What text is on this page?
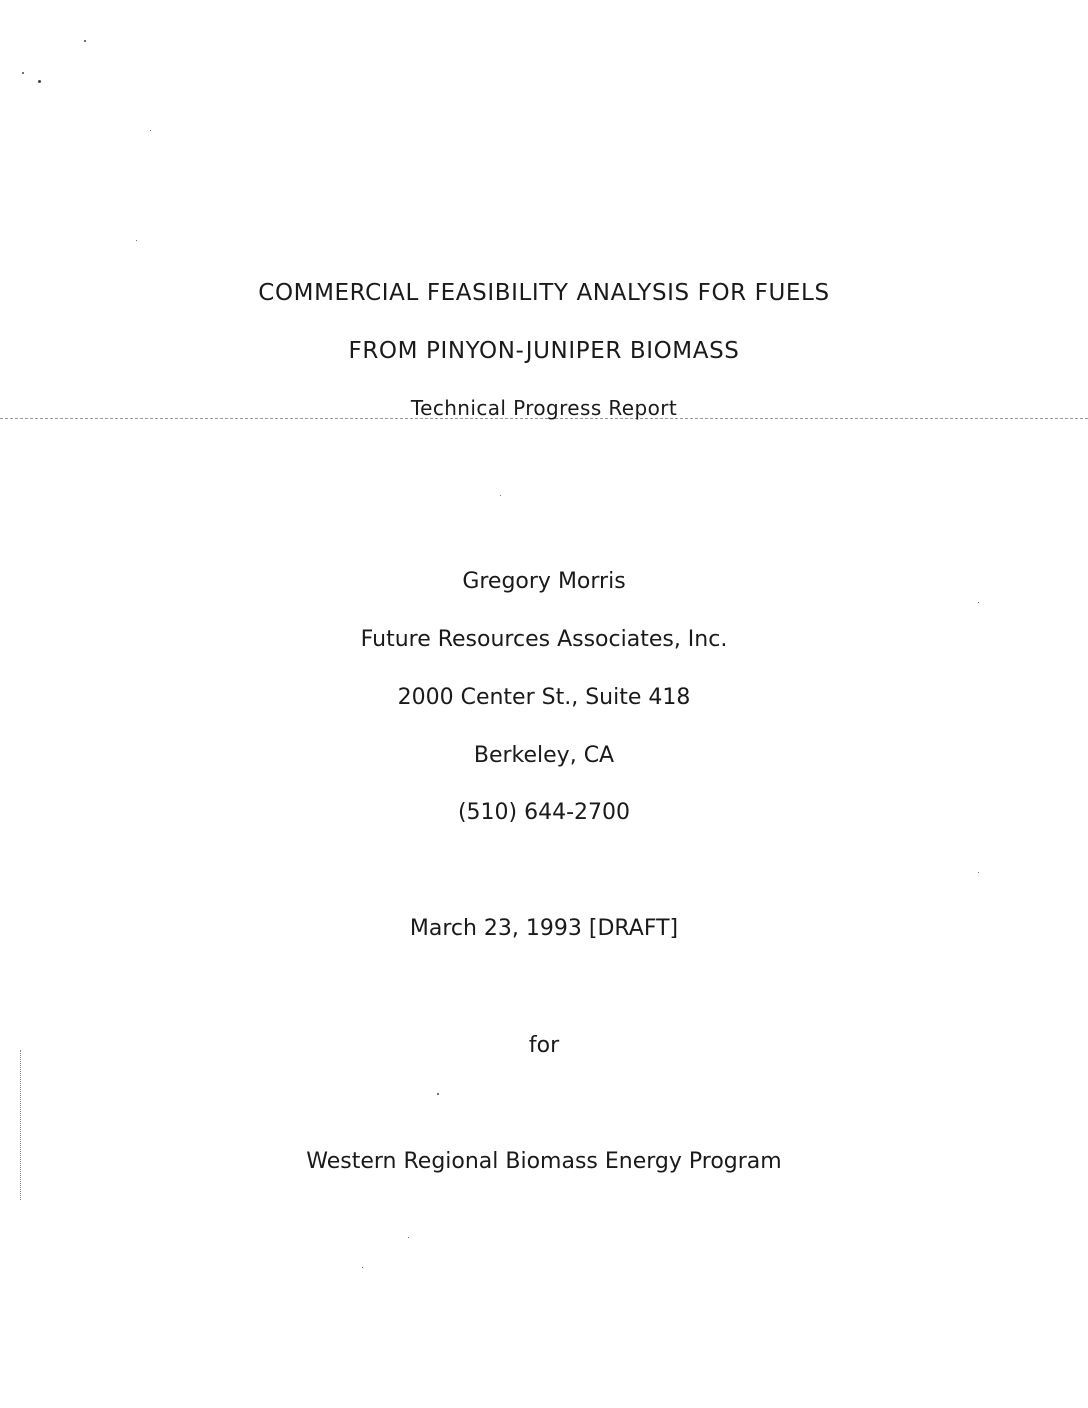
COMMERCIAL FEASIBILITY ANALYSIS FOR FUELS
FROM PINYON-JUNIPER BIOMASS
Technical Progress Report
Gregory Morris
Future Resources Associates, Inc.
2000 Center St., Suite 418
Berkeley, CA
(510) 644-2700
March 23, 1993 [DRAFT]
for
Western Regional Biomass Energy Program
